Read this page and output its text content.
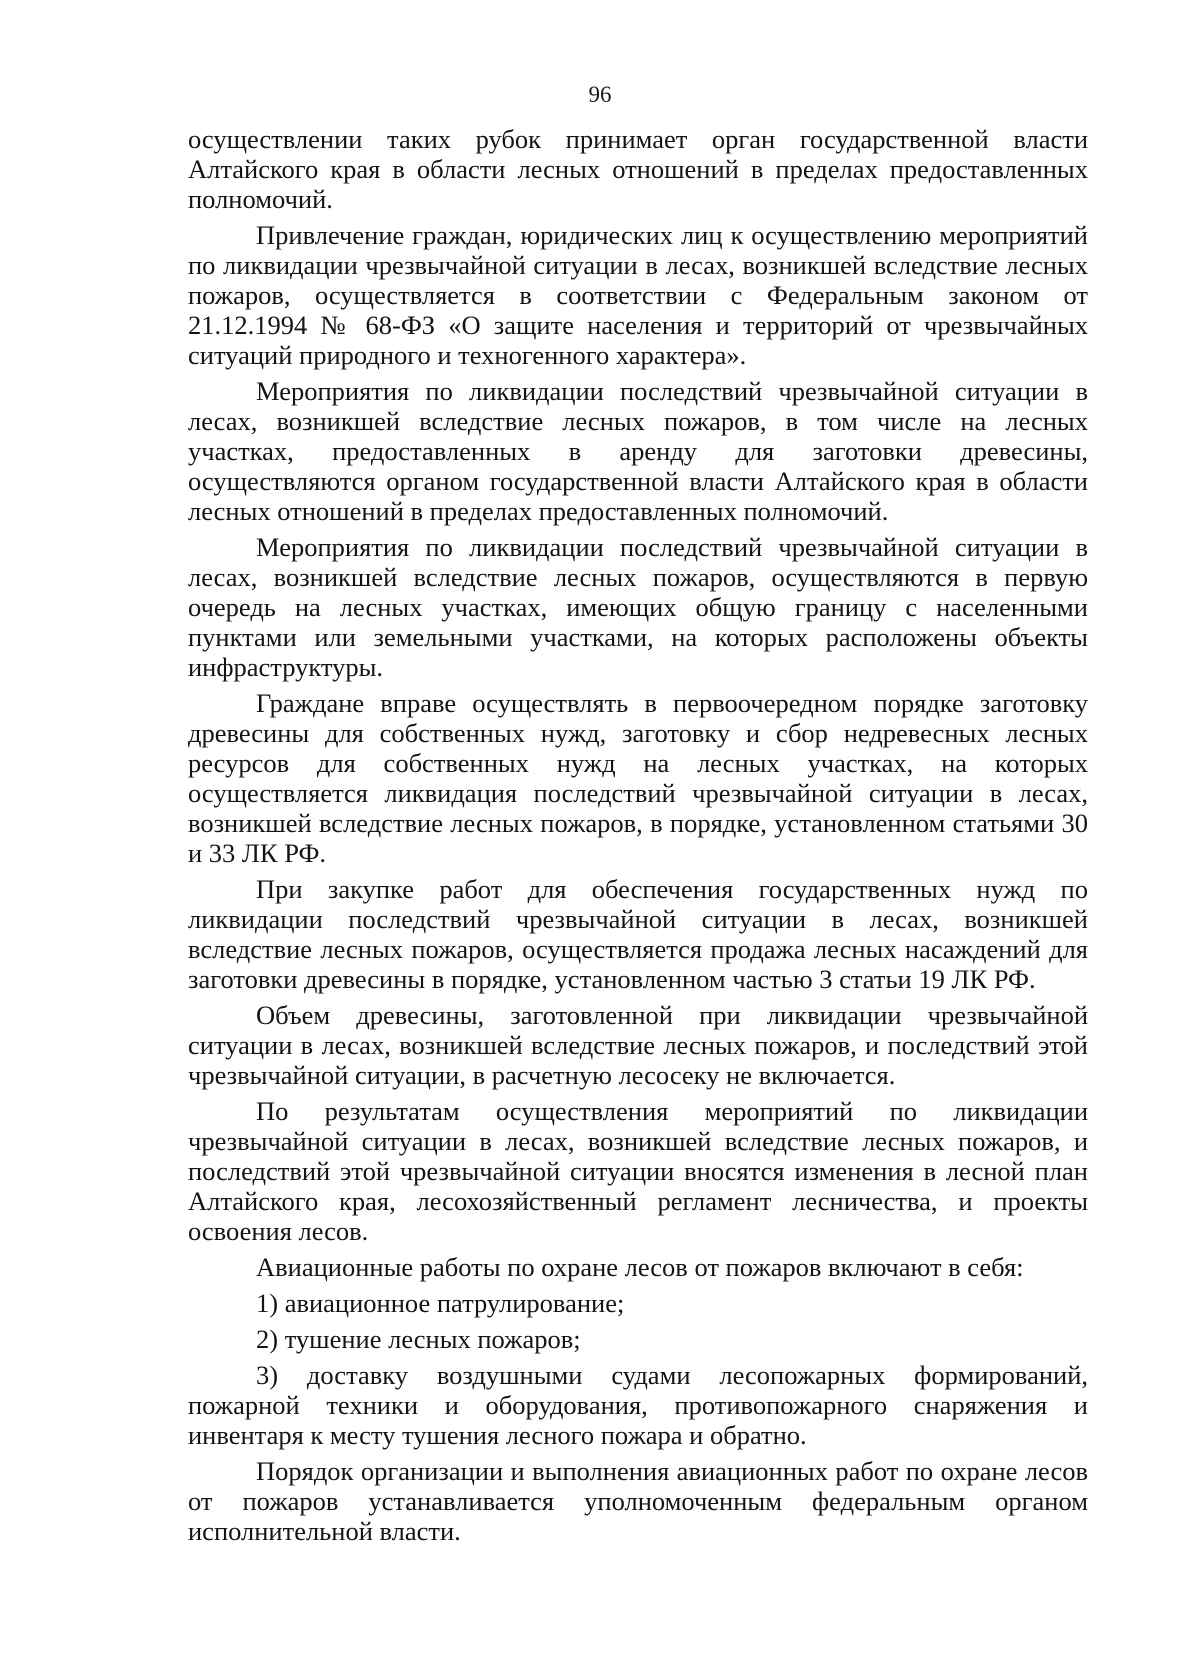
96

осуществлении таких рубок принимает орган государственной власти Алтайского края в области лесных отношений в пределах предоставленных полномочий.

Привлечение граждан, юридических лиц к осуществлению мероприятий по ликвидации чрезвычайной ситуации в лесах, возникшей вследствие лесных пожаров, осуществляется в соответствии с Федеральным законом от 21.12.1994 № 68-ФЗ «О защите населения и территорий от чрезвычайных ситуаций природного и техногенного характера».

Мероприятия по ликвидации последствий чрезвычайной ситуации в лесах, возникшей вследствие лесных пожаров, в том числе на лесных участках, предоставленных в аренду для заготовки древесины, осуществляются органом государственной власти Алтайского края в области лесных отношений в пределах предоставленных полномочий.

Мероприятия по ликвидации последствий чрезвычайной ситуации в лесах, возникшей вследствие лесных пожаров, осуществляются в первую очередь на лесных участках, имеющих общую границу с населенными пунктами или земельными участками, на которых расположены объекты инфраструктуры.

Граждане вправе осуществлять в первоочередном порядке заготовку древесины для собственных нужд, заготовку и сбор недревесных лесных ресурсов для собственных нужд на лесных участках, на которых осуществляется ликвидация последствий чрезвычайной ситуации в лесах, возникшей вследствие лесных пожаров, в порядке, установленном статьями 30 и 33 ЛК РФ.

При закупке работ для обеспечения государственных нужд по ликвидации последствий чрезвычайной ситуации в лесах, возникшей вследствие лесных пожаров, осуществляется продажа лесных насаждений для заготовки древесины в порядке, установленном частью 3 статьи 19 ЛК РФ.

Объем древесины, заготовленной при ликвидации чрезвычайной ситуации в лесах, возникшей вследствие лесных пожаров, и последствий этой чрезвычайной ситуации, в расчетную лесосеку не включается.

По результатам осуществления мероприятий по ликвидации чрезвычайной ситуации в лесах, возникшей вследствие лесных пожаров, и последствий этой чрезвычайной ситуации вносятся изменения в лесной план Алтайского края, лесохозяйственный регламент лесничества, и проекты освоения лесов.

Авиационные работы по охране лесов от пожаров включают в себя:

1) авиационное патрулирование;

2) тушение лесных пожаров;

3) доставку воздушными судами лесопожарных формирований, пожарной техники и оборудования, противопожарного снаряжения и инвентаря к месту тушения лесного пожара и обратно.

Порядок организации и выполнения авиационных работ по охране лесов от пожаров устанавливается уполномоченным федеральным органом исполнительной власти.
